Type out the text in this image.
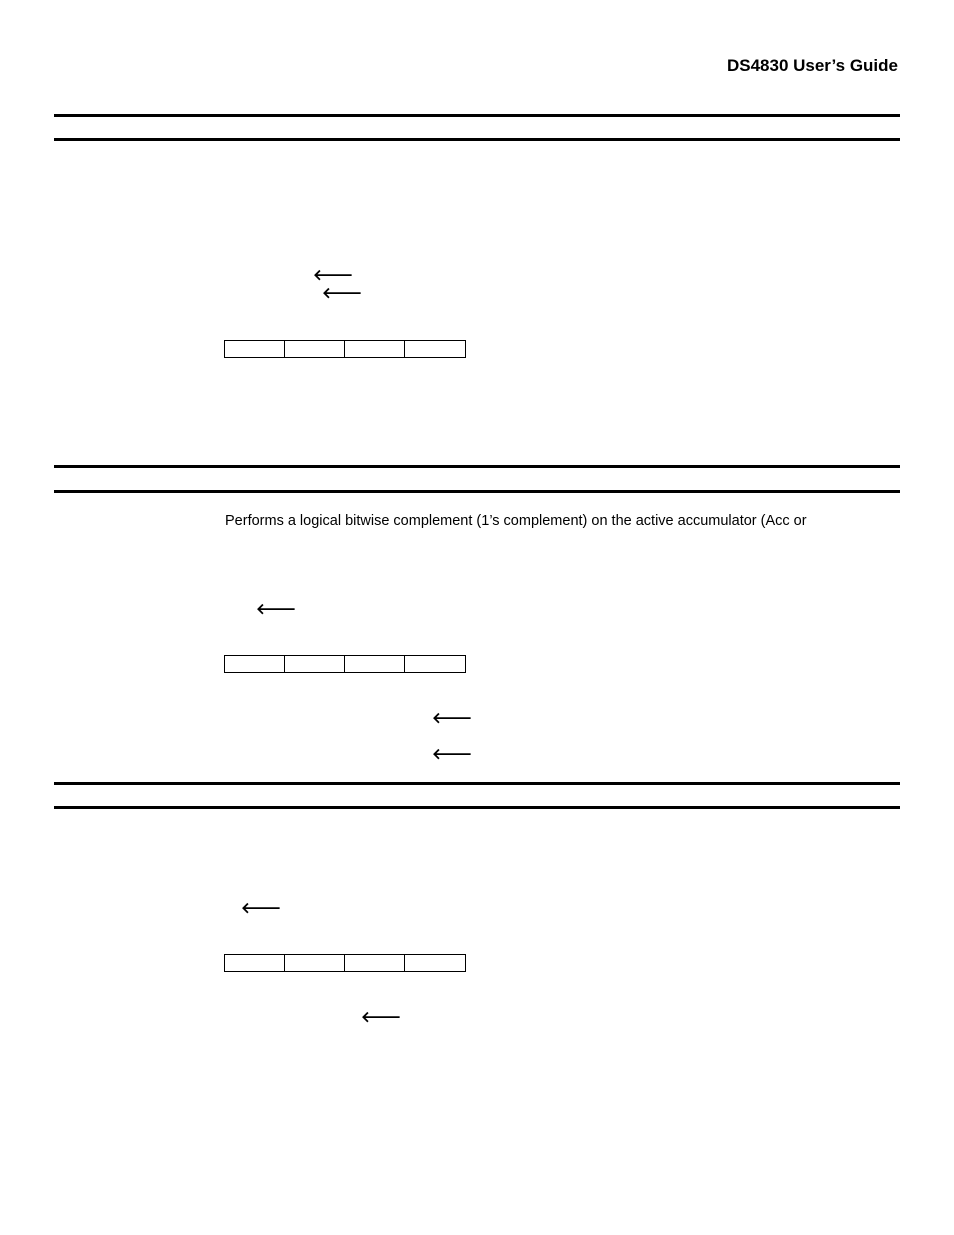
DS4830 User’s Guide
🡐
🡐
Performs a logical bitwise complement (1’s complement) on the active accumulator (Acc or
🡐
🡐
🡐
🡐
🡐
